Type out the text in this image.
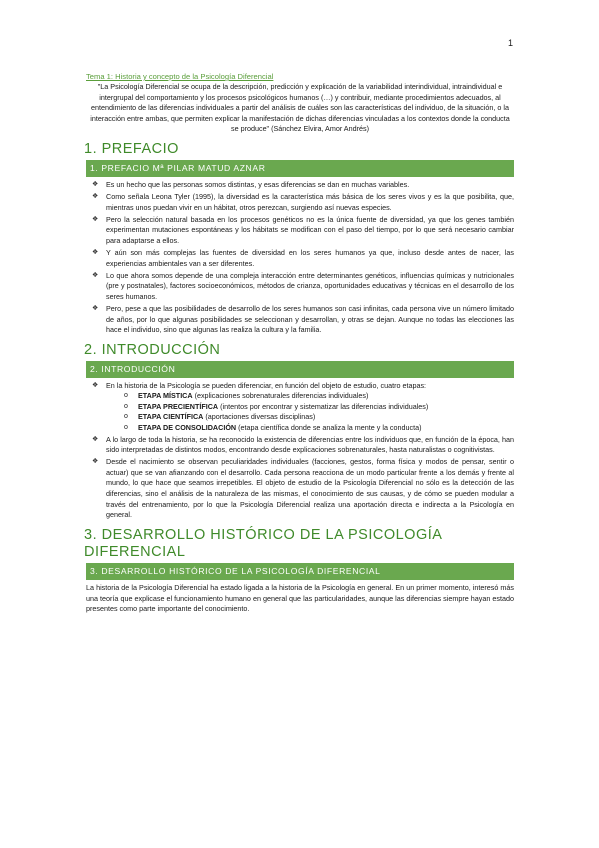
1

Tema 1: Historia y concepto de la Psicología Diferencial

"La Psicología Diferencial se ocupa de la descripción, predicción y explicación de la variabilidad interindividual, intraindividual e intergrupal del comportamiento y los procesos psicológicos humanos (…) y contribuir, mediante procedimientos adecuados, al entendimiento de las diferencias individuales a partir del análisis de cuáles son las características del individuo, de la situación, o la interacción entre ambas, que permiten explicar la manifestación de dichas diferencias vinculadas a los contextos donde la conducta se produce" (Sánchez Elvira, Amor Andrés)

1. PREFACIO
1. PREFACIO Mª PILAR MATUD AZNAR
❖ Es un hecho que las personas somos distintas, y esas diferencias se dan en muchas variables.
❖ Como señala Leona Tyler (1995), la diversidad es la característica más básica de los seres vivos y es la que posibilita, que, mientras unos puedan vivir en un hábitat, otros perezcan, surgiendo así nuevas especies.
❖ Pero la selección natural basada en los procesos genéticos no es la única fuente de diversidad, ya que los genes también experimentan mutaciones espontáneas y los hábitats se modifican con el paso del tiempo, por lo que será necesario cambiar para adaptarse a ellos.
❖ Y aún son más complejas las fuentes de diversidad en los seres humanos ya que, incluso desde antes de nacer, las experiencias ambientales van a ser diferentes.
❖ Lo que ahora somos depende de una compleja interacción entre determinantes genéticos, influencias químicas y nutricionales (pre y postnatales), factores socioeconómicos, métodos de crianza, oportunidades educativas y técnicas en el desarrollo de los seres humanos.
❖ Pero, pese a que las posibilidades de desarrollo de los seres humanos son casi infinitas, cada persona vive un número limitado de años, por lo que algunas posibilidades se seleccionan y desarrollan, y otras se dejan. Aunque no todas las elecciones las hace el individuo, sino que algunas las realiza la cultura y la familia.
2. INTRODUCCIÓN
2. INTRODUCCIÓN
❖ En la historia de la Psicología se pueden diferenciar, en función del objeto de estudio, cuatro etapas:
o ETAPA MÍSTICA (explicaciones sobrenaturales diferencias individuales)
o ETAPA PRECIENTÍFICA (intentos por encontrar y sistematizar las diferencias individuales)
o ETAPA CIENTÍFICA (aportaciones diversas disciplinas)
o ETAPA DE CONSOLIDACIÓN (etapa científica donde se analiza la mente y la conducta)
❖ A lo largo de toda la historia, se ha reconocido la existencia de diferencias entre los individuos que, en función de la época, han sido interpretadas de distintos modos, encontrando desde explicaciones sobrenaturales, hasta naturalistas o cognitivistas.
❖ Desde el nacimiento se observan peculiaridades individuales (facciones, gestos, forma física y modos de pensar, sentir o actuar) que se van afianzando con el desarrollo. Cada persona reacciona de un modo particular frente a los demás y frente al mundo, lo que hace que seamos irrepetibles. El objeto de estudio de la Psicología Diferencial no sólo es la detección de las diferencias, sino el análisis de la naturaleza de las mismas, el conocimiento de sus causas, y de cómo se pueden modular a través del entrenamiento, por lo que la Psicología Diferencial realiza una aportación directa e indirecta a la Psicología en general.
3. DESARROLLO HISTÓRICO DE LA PSICOLOGÍA DIFERENCIAL
3. DESARROLLO HISTÓRICO DE LA PSICOLOGÍA DIFERENCIAL

La historia de la Psicología Diferencial ha estado ligada a la historia de la Psicología en general. En un primer momento, interesó más una teoría que explicase el funcionamiento humano en general que las particularidades, aunque las diferencias siempre hayan estado presentes como parte importante del conocimiento.
